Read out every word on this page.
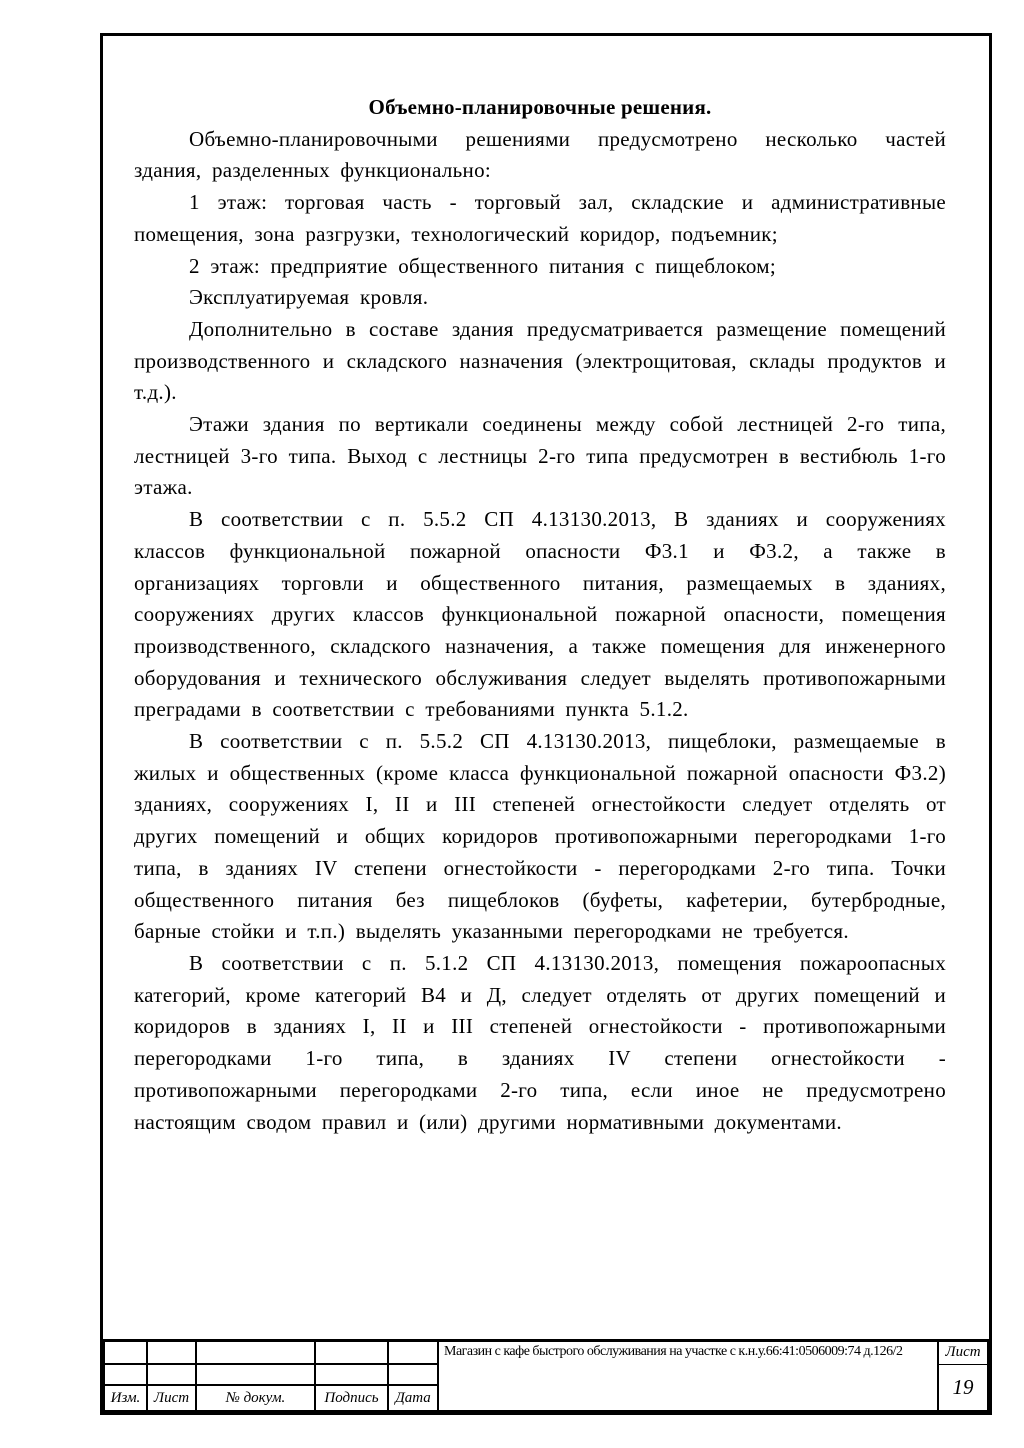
Объемно-планировочные решения.

Объемно-планировочными решениями предусмотрено несколько частей здания, разделенных функционально:

1 этаж: торговая часть - торговый зал, складские и административные помещения, зона разгрузки, технологический коридор, подъемник;

2 этаж: предприятие общественного питания с пищеблоком;

Эксплуатируемая кровля.

Дополнительно в составе здания предусматривается размещение помещений производственного и складского назначения (электрощитовая, склады продуктов и т.д.).

Этажи здания по вертикали соединены между собой лестницей 2-го типа, лестницей 3-го типа. Выход с лестницы 2-го типа предусмотрен в вестибюль 1-го этажа.

В соответствии с п. 5.5.2 СП 4.13130.2013, В зданиях и сооружениях классов функциональной пожарной опасности Ф3.1 и Ф3.2, а также в организациях торговли и общественного питания, размещаемых в зданиях, сооружениях других классов функциональной пожарной опасности, помещения производственного, складского назначения, а также помещения для инженерного оборудования и технического обслуживания следует выделять противопожарными преградами в соответствии с требованиями пункта 5.1.2.

В соответствии с п. 5.5.2 СП 4.13130.2013, пищеблоки, размещаемые в жилых и общественных (кроме класса функциональной пожарной опасности Ф3.2) зданиях, сооружениях I, II и III степеней огнестойкости следует отделять от других помещений и общих коридоров противопожарными перегородками 1-го типа, в зданиях IV степени огнестойкости - перегородками 2-го типа. Точки общественного питания без пищеблоков (буфеты, кафетерии, бутербродные, барные стойки и т.п.) выделять указанными перегородками не требуется.

В соответствии с п. 5.1.2 СП 4.13130.2013, помещения пожароопасных категорий, кроме категорий В4 и Д, следует отделять от других помещений и коридоров в зданиях I, II и III степеней огнестойкости - противопожарными перегородками 1-го типа, в зданиях IV степени огнестойкости - противопожарными перегородками 2-го типа, если иное не предусмотрено настоящим сводом правил и (или) другими нормативными документами.

					Магазин с кафе быстрого обслуживания на участке с к.н.у.66:41:0506009:74 д.126/2	Лист
						19
Изм.	Лист	№ докум.	Подпись	Дата		
